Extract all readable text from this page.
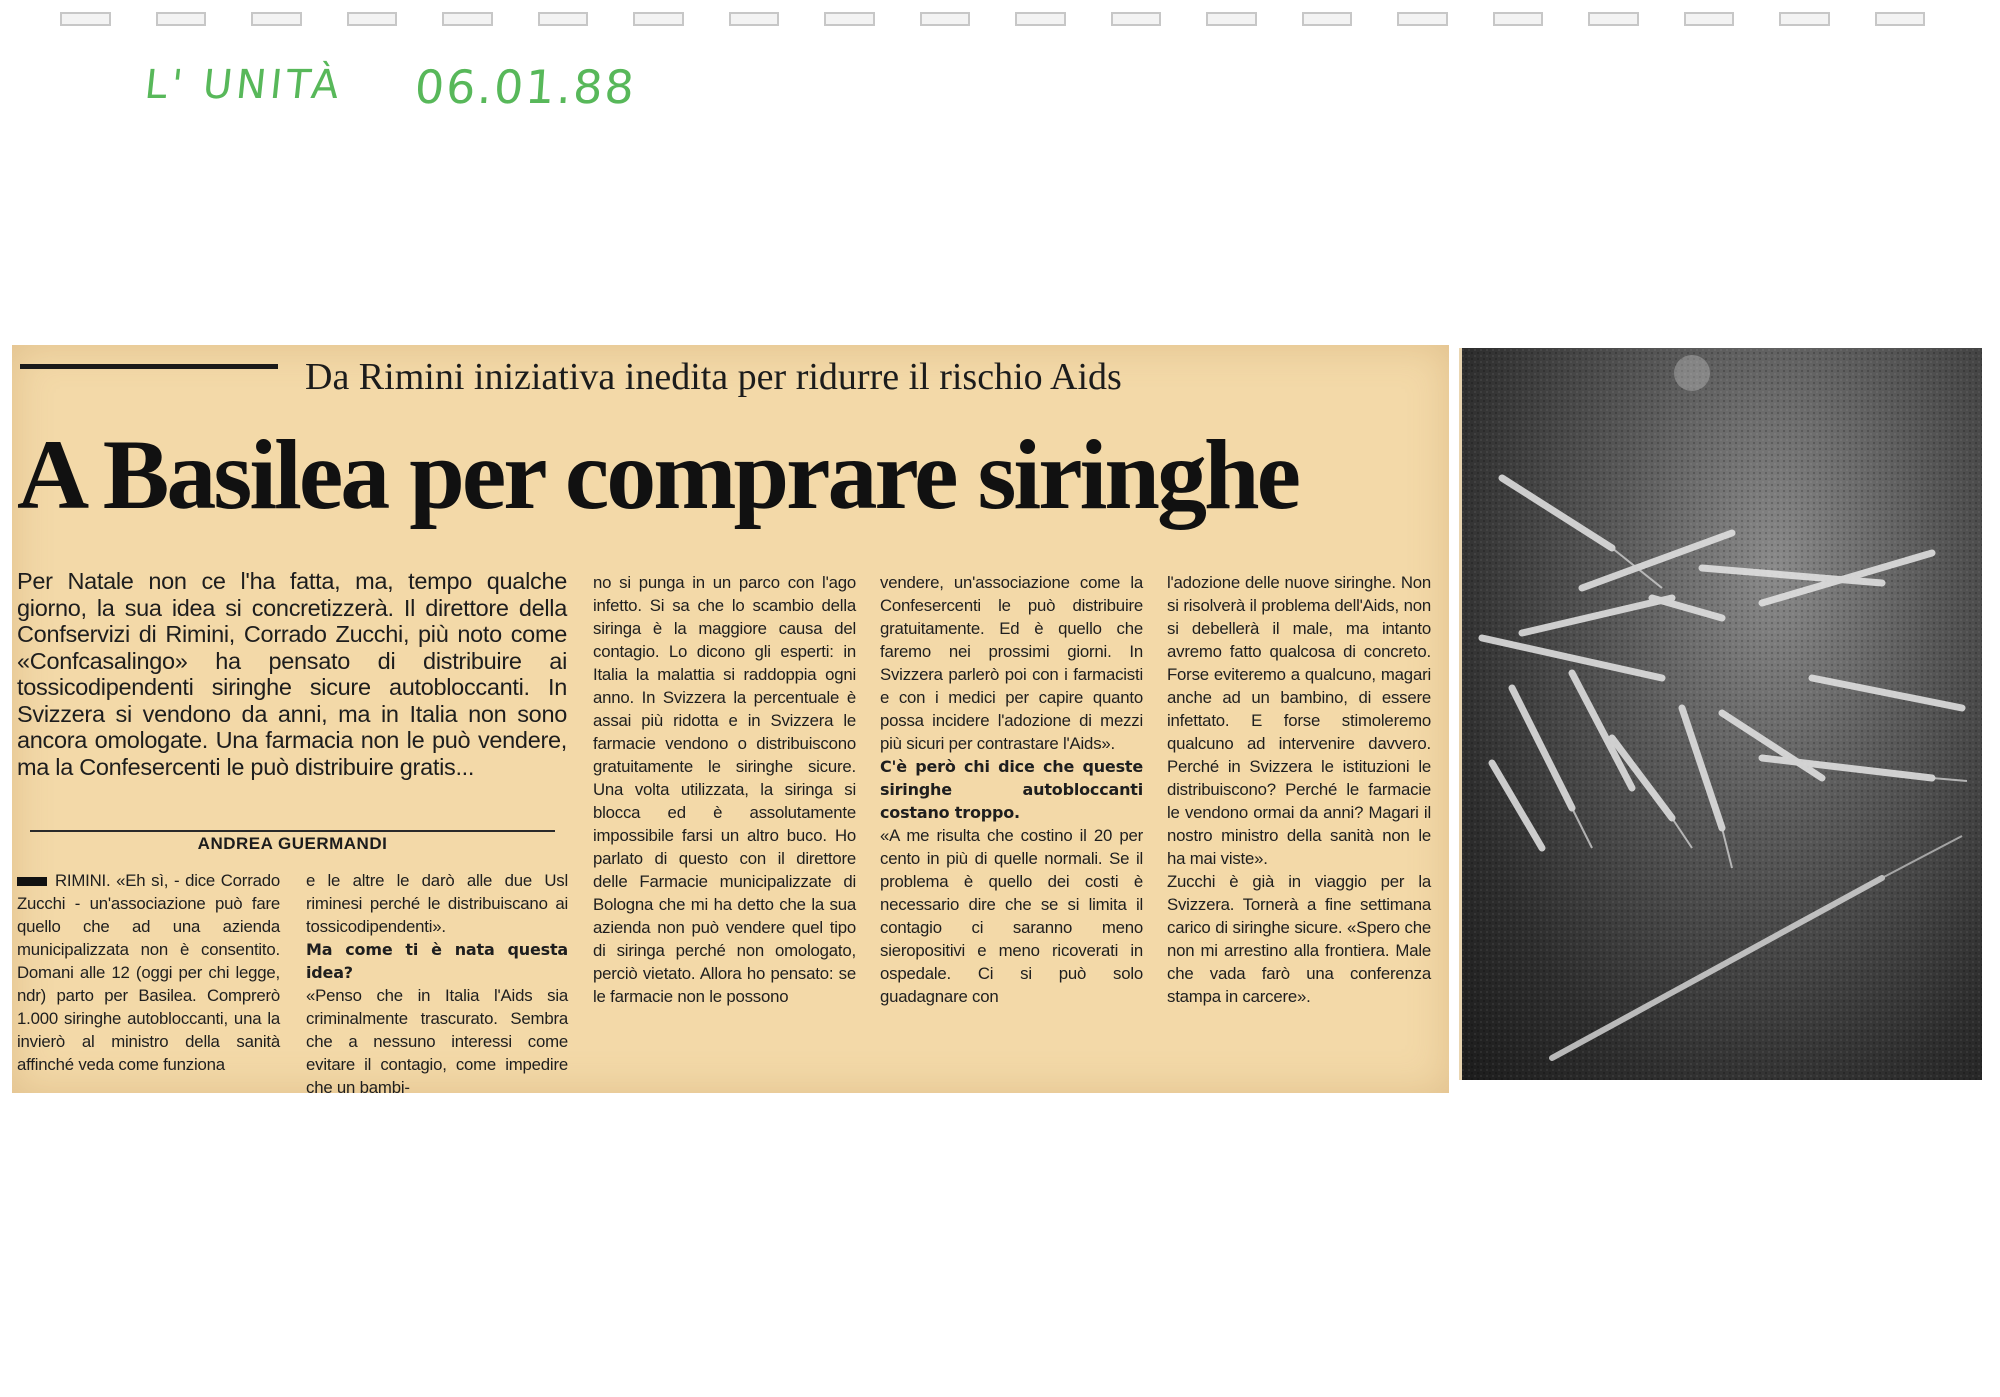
L' UNITÀ 06.01.88
Da Rimini iniziativa inedita per ridurre il rischio Aids
A Basilea per comprare siringhe
Per Natale non ce l'ha fatta, ma, tempo qualche giorno, la sua idea si concretizzerà. Il direttore della Confservizi di Rimini, Corrado Zucchi, più noto come «Confcasalingo» ha pensato di distribuire ai tossicodipendenti siringhe sicure autobloccanti. In Svizzera si vendono da anni, ma in Italia non sono ancora omologate. Una farmacia non le può vendere, ma la Confesercenti le può distribuire gratis...
ANDREA GUERMANDI

RIMINI. «Eh sì, - dice Corrado Zucchi - un'associazione può fare quello che ad una azienda municipalizzata non è consentito. Domani alle 12 (oggi per chi legge, ndr) parto per Basilea. Comprerò 1.000 siringhe autobloccanti, una la invierò al ministro della sanità affinché veda come funziona

e le altre le darò alle due Usl riminesi perché le distribuiscano ai tossicodipendenti».

Ma come ti è nata questa idea?

«Penso che in Italia l'Aids sia criminalmente trascurato. Sembra che a nessuno interessi come evitare il contagio, come impedire che un bambi-

no si punga in un parco con l'ago infetto. Si sa che lo scambio della siringa è la maggiore causa del contagio. Lo dicono gli esperti: in Italia la malattia si raddoppia ogni anno. In Svizzera la percentuale è assai più ridotta e in Svizzera le farmacie vendono o distribuiscono gratuitamente le siringhe sicure. Una volta utilizzata, la siringa si blocca ed è assolutamente impossibile farsi un altro buco. Ho parlato di questo con il direttore delle Farmacie municipalizzate di Bologna che mi ha detto che la sua azienda non può vendere quel tipo di siringa perché non omologato, perciò vietato. Allora ho pensato: se le farmacie non le possono

vendere, un'associazione come la Confesercenti le può distribuire gratuitamente. Ed è quello che faremo nei prossimi giorni. In Svizzera parlerò poi con i farmacisti e con i medici per capire quanto possa incidere l'adozione di mezzi più sicuri per contrastare l'Aids».

C'è però chi dice che queste siringhe autobloccanti costano troppo.

«A me risulta che costino il 20 per cento in più di quelle normali. Se il problema è quello dei costi è necessario dire che se si limita il contagio ci saranno meno sieropositivi e meno ricoverati in ospedale. Ci si può solo guadagnare con

l'adozione delle nuove siringhe. Non si risolverà il problema dell'Aids, non si debellerà il male, ma intanto avremo fatto qualcosa di concreto. Forse eviteremo a qualcuno, magari anche ad un bambino, di essere infettato. E forse stimoleremo qualcuno ad intervenire davvero. Perché in Svizzera le istituzioni le distribuiscono? Perché le farmacie le vendono ormai da anni? Magari il nostro ministro della sanità non le ha mai viste».

Zucchi è già in viaggio per la Svizzera. Tornerà a fine settimana carico di siringhe sicure. «Spero che non mi arrestino alla frontiera. Male che vada farò una conferenza stampa in carcere».
